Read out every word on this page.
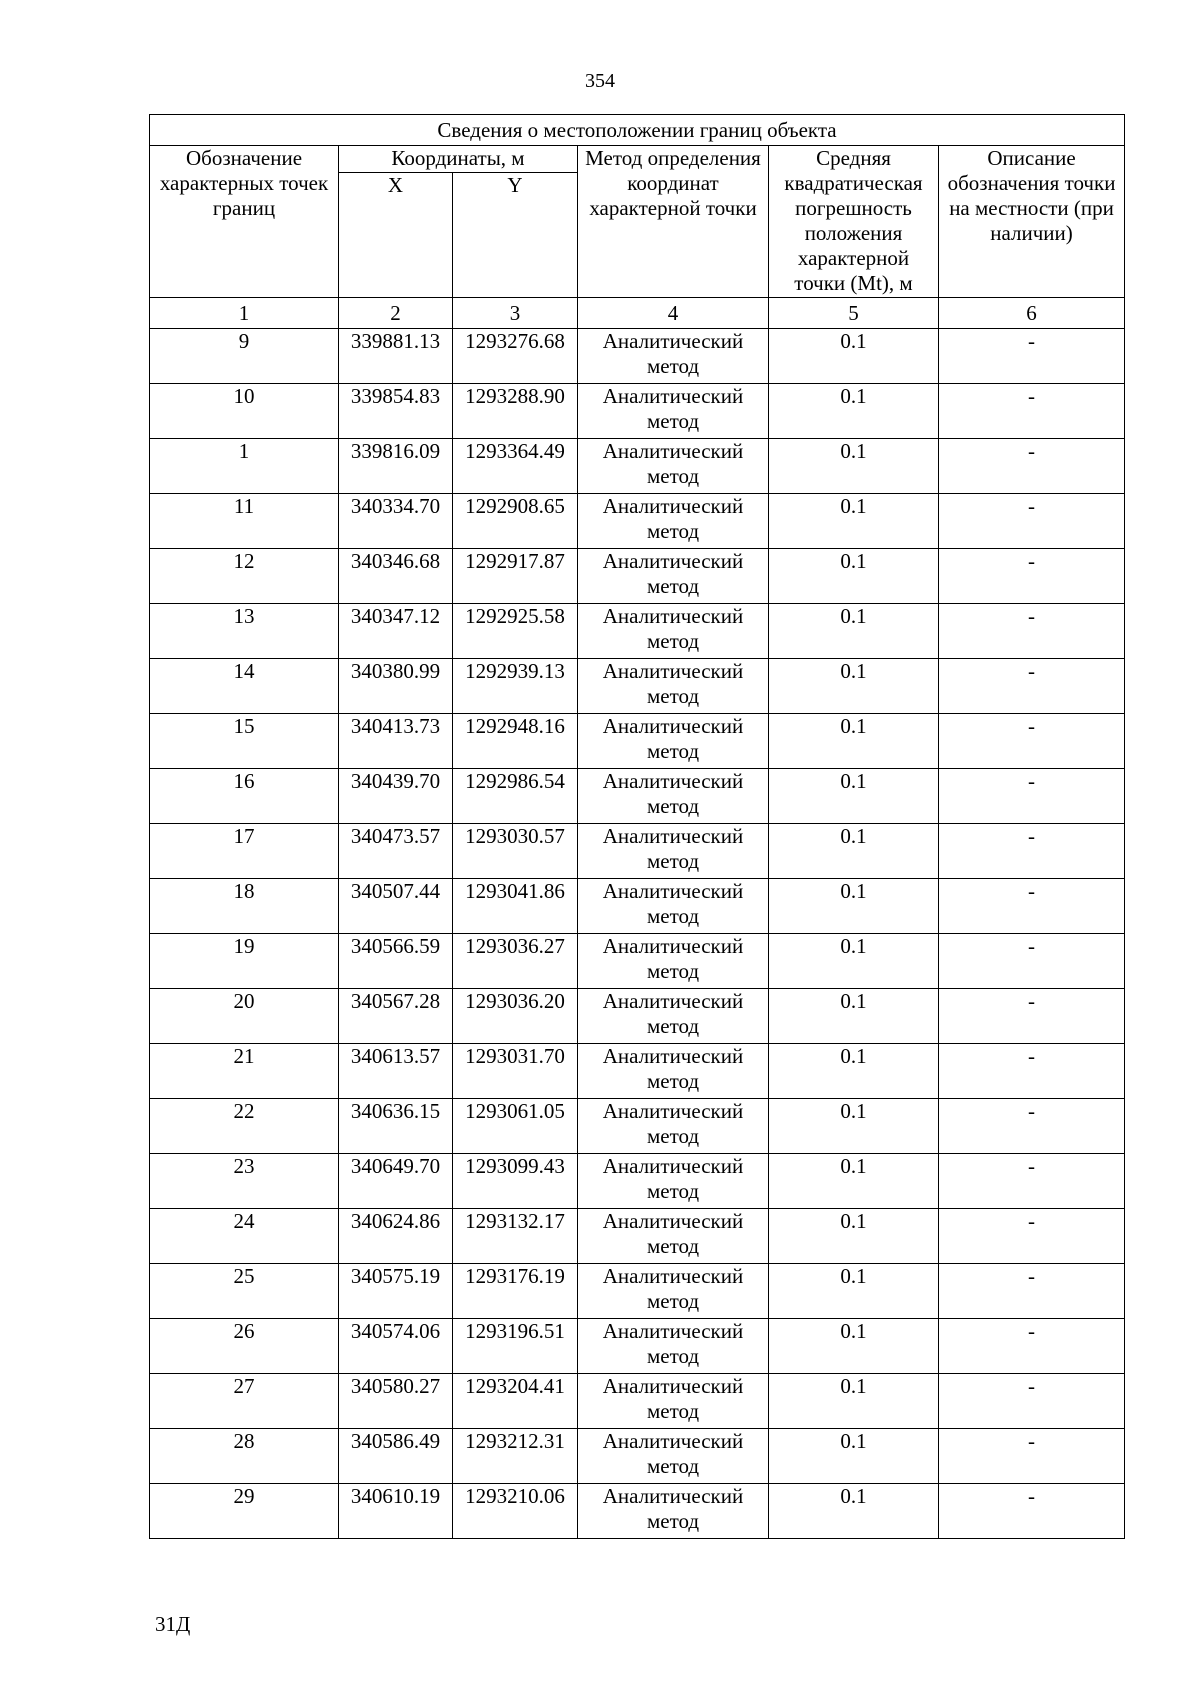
354
Сведения о местоположении границ объекта					
Обозначение характерных точек границ	Координаты, м		Метод определения координат характерной точки	Средняя квадратическая погрешность положения характерной точки (Mt), м	Описание обозначения точки на местности (при наличии)
	X	Y			
1	2	3	4	5	6
9	339881.13	1293276.68	Аналитический метод	0.1	-
10	339854.83	1293288.90	Аналитический метод	0.1	-
1	339816.09	1293364.49	Аналитический метод	0.1	-
11	340334.70	1292908.65	Аналитический метод	0.1	-
12	340346.68	1292917.87	Аналитический метод	0.1	-
13	340347.12	1292925.58	Аналитический метод	0.1	-
14	340380.99	1292939.13	Аналитический метод	0.1	-
15	340413.73	1292948.16	Аналитический метод	0.1	-
16	340439.70	1292986.54	Аналитический метод	0.1	-
17	340473.57	1293030.57	Аналитический метод	0.1	-
18	340507.44	1293041.86	Аналитический метод	0.1	-
19	340566.59	1293036.27	Аналитический метод	0.1	-
20	340567.28	1293036.20	Аналитический метод	0.1	-
21	340613.57	1293031.70	Аналитический метод	0.1	-
22	340636.15	1293061.05	Аналитический метод	0.1	-
23	340649.70	1293099.43	Аналитический метод	0.1	-
24	340624.86	1293132.17	Аналитический метод	0.1	-
25	340575.19	1293176.19	Аналитический метод	0.1	-
26	340574.06	1293196.51	Аналитический метод	0.1	-
27	340580.27	1293204.41	Аналитический метод	0.1	-
28	340586.49	1293212.31	Аналитический метод	0.1	-
29	340610.19	1293210.06	Аналитический метод	0.1	-
31Д
